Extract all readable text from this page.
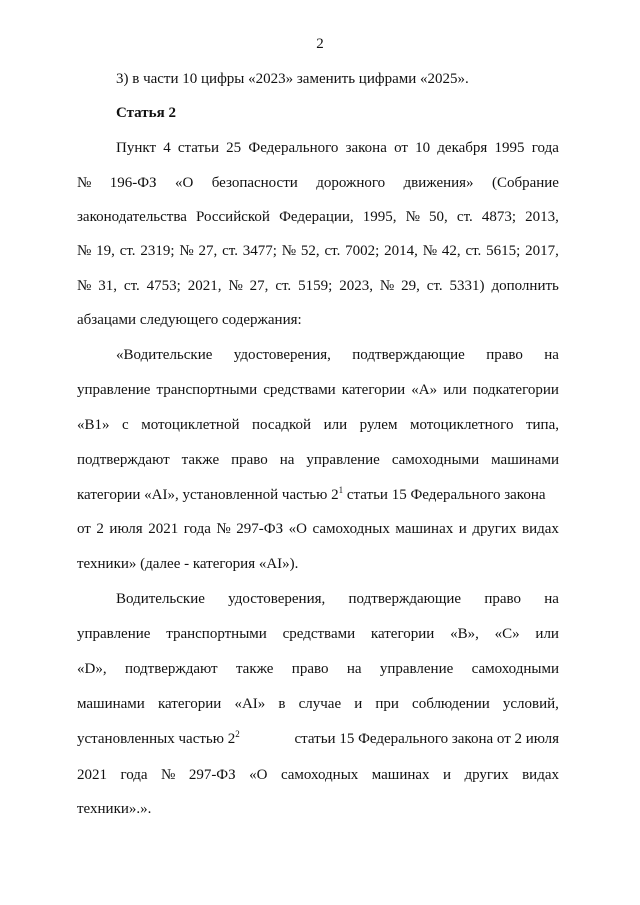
2
3) в части 10 цифры «2023» заменить цифрами «2025».
Статья 2
Пункт 4 статьи 25 Федерального закона от 10 декабря 1995 года
№ 196-ФЗ «О безопасности дорожного движения» (Собрание
законодательства Российской Федерации, 1995, № 50, ст. 4873; 2013,
№ 19, ст. 2319; № 27, ст. 3477; № 52, ст. 7002; 2014, № 42, ст. 5615; 2017,
№ 31, ст. 4753; 2021, № 27, ст. 5159; 2023, № 29, ст. 5331) дополнить
абзацами следующего содержания:
«Водительские удостоверения, подтверждающие право на
управление транспортными средствами категории «А» или подкатегории
«В1» с мотоциклетной посадкой или рулем мотоциклетного типа,
подтверждают также право на управление самоходными машинами
категории «AI», установленной частью $2^1$ статьи 15 Федерального закона
от 2 июля 2021 года № 297-ФЗ «О самоходных машинах и других видах
техники» (далее - категория «AI»).
Водительские удостоверения, подтверждающие право на
управление транспортными средствами категории «В», «С» или
«D», подтверждают также право на управление самоходными
машинами категории «AI» в случае и при соблюдении условий,
установленных частью $2^2$	статьи 15 Федерального закона от 2 июля
2021 года № 297-ФЗ «О самоходных машинах и других видах
техники».».
